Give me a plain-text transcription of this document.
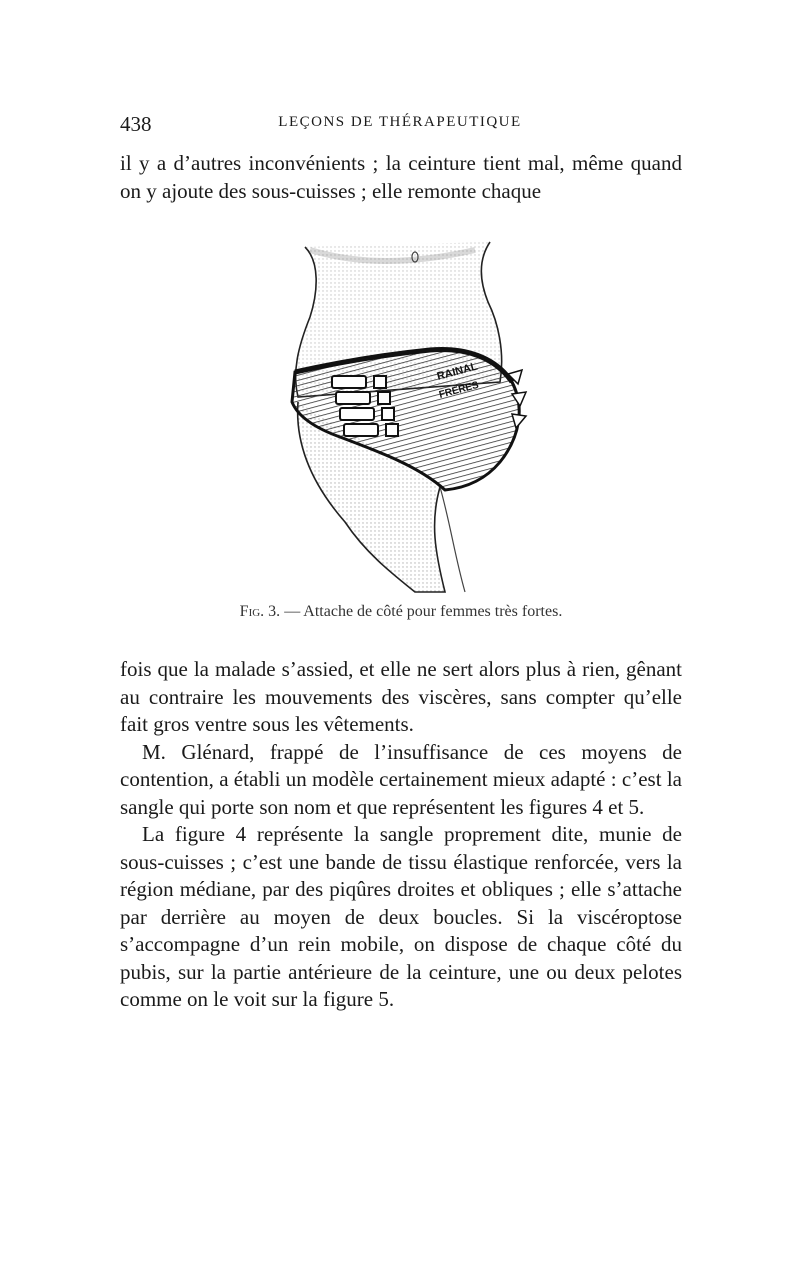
438	LEÇONS DE THÉRAPEUTIQUE

il y a d’autres inconvénients ; la ceinture tient mal, même quand on y ajoute des sous-cuisses ; elle remonte chaque

RAINAL
FRÈRES
Fig. 3. — Attache de côté pour femmes très fortes.

fois que la malade s’assied, et elle ne sert alors plus à rien, gênant au contraire les mouvements des viscères, sans compter qu’elle fait gros ventre sous les vêtements.

M. Glénard, frappé de l’insuffisance de ces moyens de contention, a établi un modèle certainement mieux adapté : c’est la sangle qui porte son nom et que représentent les figures 4 et 5.

La figure 4 représente la sangle proprement dite, munie de sous-cuisses ; c’est une bande de tissu élastique renforcée, vers la région médiane, par des piqûres droites et obliques ; elle s’attache par derrière au moyen de deux boucles. Si la viscéroptose s’accompagne d’un rein mobile, on dispose de chaque côté du pubis, sur la partie antérieure de la ceinture, une ou deux pelotes comme on le voit sur la figure 5.
